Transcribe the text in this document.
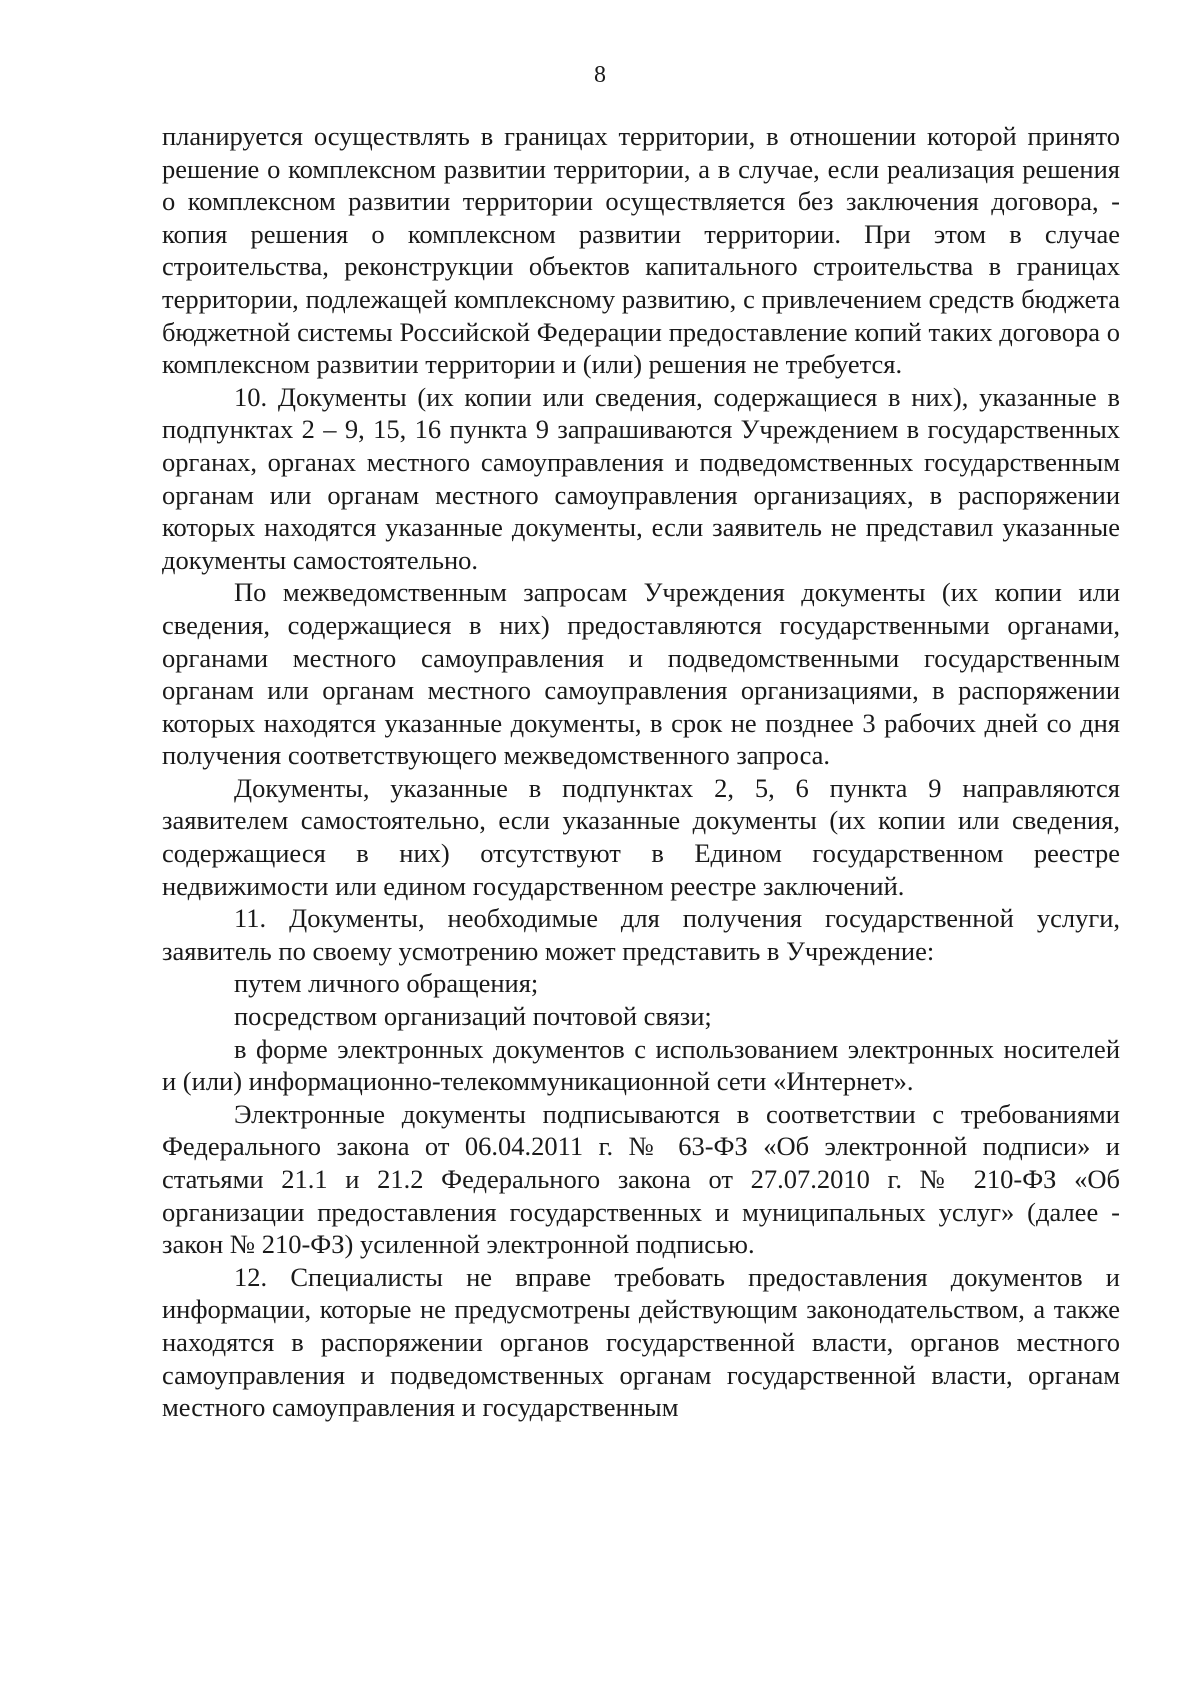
8

планируется осуществлять в границах территории, в отношении которой принято решение о комплексном развитии территории, а в случае, если реализация решения о комплексном развитии территории осуществляется без заключения договора, - копия решения о комплексном развитии территории. При этом в случае строительства, реконструкции объектов капитального строительства в границах территории, подлежащей комплексному развитию, с привлечением средств бюджета бюджетной системы Российской Федерации предоставление копий таких договора о комплексном развитии территории и (или) решения не требуется.

10. Документы (их копии или сведения, содержащиеся в них), указанные в подпунктах 2 – 9, 15, 16 пункта 9 запрашиваются Учреждением в государственных органах, органах местного самоуправления и подведомственных государственным органам или органам местного самоуправления организациях, в распоряжении которых находятся указанные документы, если заявитель не представил указанные документы самостоятельно.

По межведомственным запросам Учреждения документы (их копии или сведения, содержащиеся в них) предоставляются государственными органами, органами местного самоуправления и подведомственными государственным органам или органам местного самоуправления организациями, в распоряжении которых находятся указанные документы, в срок не позднее 3 рабочих дней со дня получения соответствующего межведомственного запроса.

Документы, указанные в подпунктах 2, 5, 6 пункта 9 направляются заявителем самостоятельно, если указанные документы (их копии или сведения, содержащиеся в них) отсутствуют в Едином государственном реестре недвижимости или едином государственном реестре заключений.

11. Документы, необходимые для получения государственной услуги, заявитель по своему усмотрению может представить в Учреждение:

путем личного обращения;

посредством организаций почтовой связи;

в форме электронных документов с использованием электронных носителей и (или) информационно-телекоммуникационной сети «Интернет».

Электронные документы подписываются в соответствии с требованиями Федерального закона от 06.04.2011 г. № 63-ФЗ «Об электронной подписи» и статьями 21.1 и 21.2 Федерального закона от 27.07.2010 г. № 210-ФЗ «Об организации предоставления государственных и муниципальных услуг» (далее - закон № 210-ФЗ) усиленной электронной подписью.

12. Специалисты не вправе требовать предоставления документов и информации, которые не предусмотрены действующим законодательством, а также находятся в распоряжении органов государственной власти, органов местного самоуправления и подведомственных органам государственной власти, органам местного самоуправления и государственным
